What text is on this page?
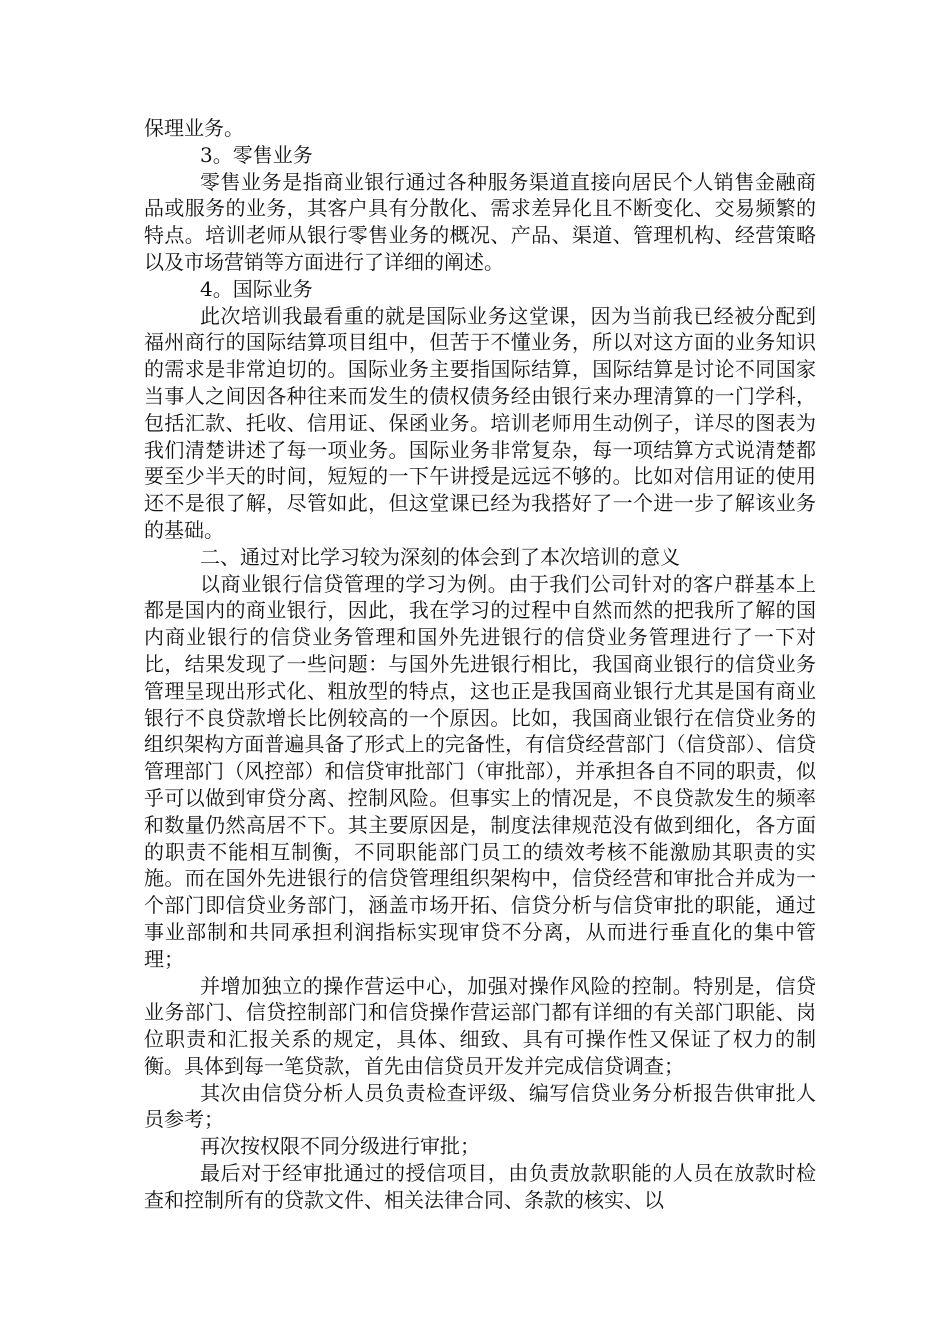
保理业务。

3。零售业务

零售业务是指商业银行通过各种服务渠道直接向居民个人销售金融商品或服务的业务，其客户具有分散化、需求差异化且不断变化、交易频繁的特点。培训老师从银行零售业务的概况、产品、渠道、管理机构、经营策略以及市场营销等方面进行了详细的阐述。

4。国际业务

此次培训我最看重的就是国际业务这堂课，因为当前我已经被分配到福州商行的国际结算项目组中，但苦于不懂业务，所以对这方面的业务知识的需求是非常迫切的。国际业务主要指国际结算，国际结算是讨论不同国家当事人之间因各种往来而发生的债权债务经由银行来办理清算的一门学科，包括汇款、托收、信用证、保函业务。培训老师用生动例子，详尽的图表为我们清楚讲述了每一项业务。国际业务非常复杂，每一项结算方式说清楚都要至少半天的时间，短短的一下午讲授是远远不够的。比如对信用证的使用还不是很了解，尽管如此，但这堂课已经为我搭好了一个进一步了解该业务的基础。

二、通过对比学习较为深刻的体会到了本次培训的意义

以商业银行信贷管理的学习为例。由于我们公司针对的客户群基本上都是国内的商业银行，因此，我在学习的过程中自然而然的把我所了解的国内商业银行的信贷业务管理和国外先进银行的信贷业务管理进行了一下对比，结果发现了一些问题：与国外先进银行相比，我国商业银行的信贷业务管理呈现出形式化、粗放型的特点，这也正是我国商业银行尤其是国有商业银行不良贷款增长比例较高的一个原因。比如，我国商业银行在信贷业务的组织架构方面普遍具备了形式上的完备性，有信贷经营部门（信贷部）、信贷管理部门（风控部）和信贷审批部门（审批部），并承担各自不同的职责，似乎可以做到审贷分离、控制风险。但事实上的情况是，不良贷款发生的频率和数量仍然高居不下。其主要原因是，制度法律规范没有做到细化，各方面的职责不能相互制衡，不同职能部门员工的绩效考核不能激励其职责的实施。而在国外先进银行的信贷管理组织架构中，信贷经营和审批合并成为一个部门即信贷业务部门，涵盖市场开拓、信贷分析与信贷审批的职能，通过事业部制和共同承担利润指标实现审贷不分离，从而进行垂直化的集中管理；

并增加独立的操作营运中心，加强对操作风险的控制。特别是，信贷业务部门、信贷控制部门和信贷操作营运部门都有详细的有关部门职能、岗位职责和汇报关系的规定，具体、细致、具有可操作性又保证了权力的制衡。具体到每一笔贷款，首先由信贷员开发并完成信贷调查；

其次由信贷分析人员负责检查评级、编写信贷业务分析报告供审批人员参考；

再次按权限不同分级进行审批；

最后对于经审批通过的授信项目，由负责放款职能的人员在放款时检查和控制所有的贷款文件、相关法律合同、条款的核实、以
